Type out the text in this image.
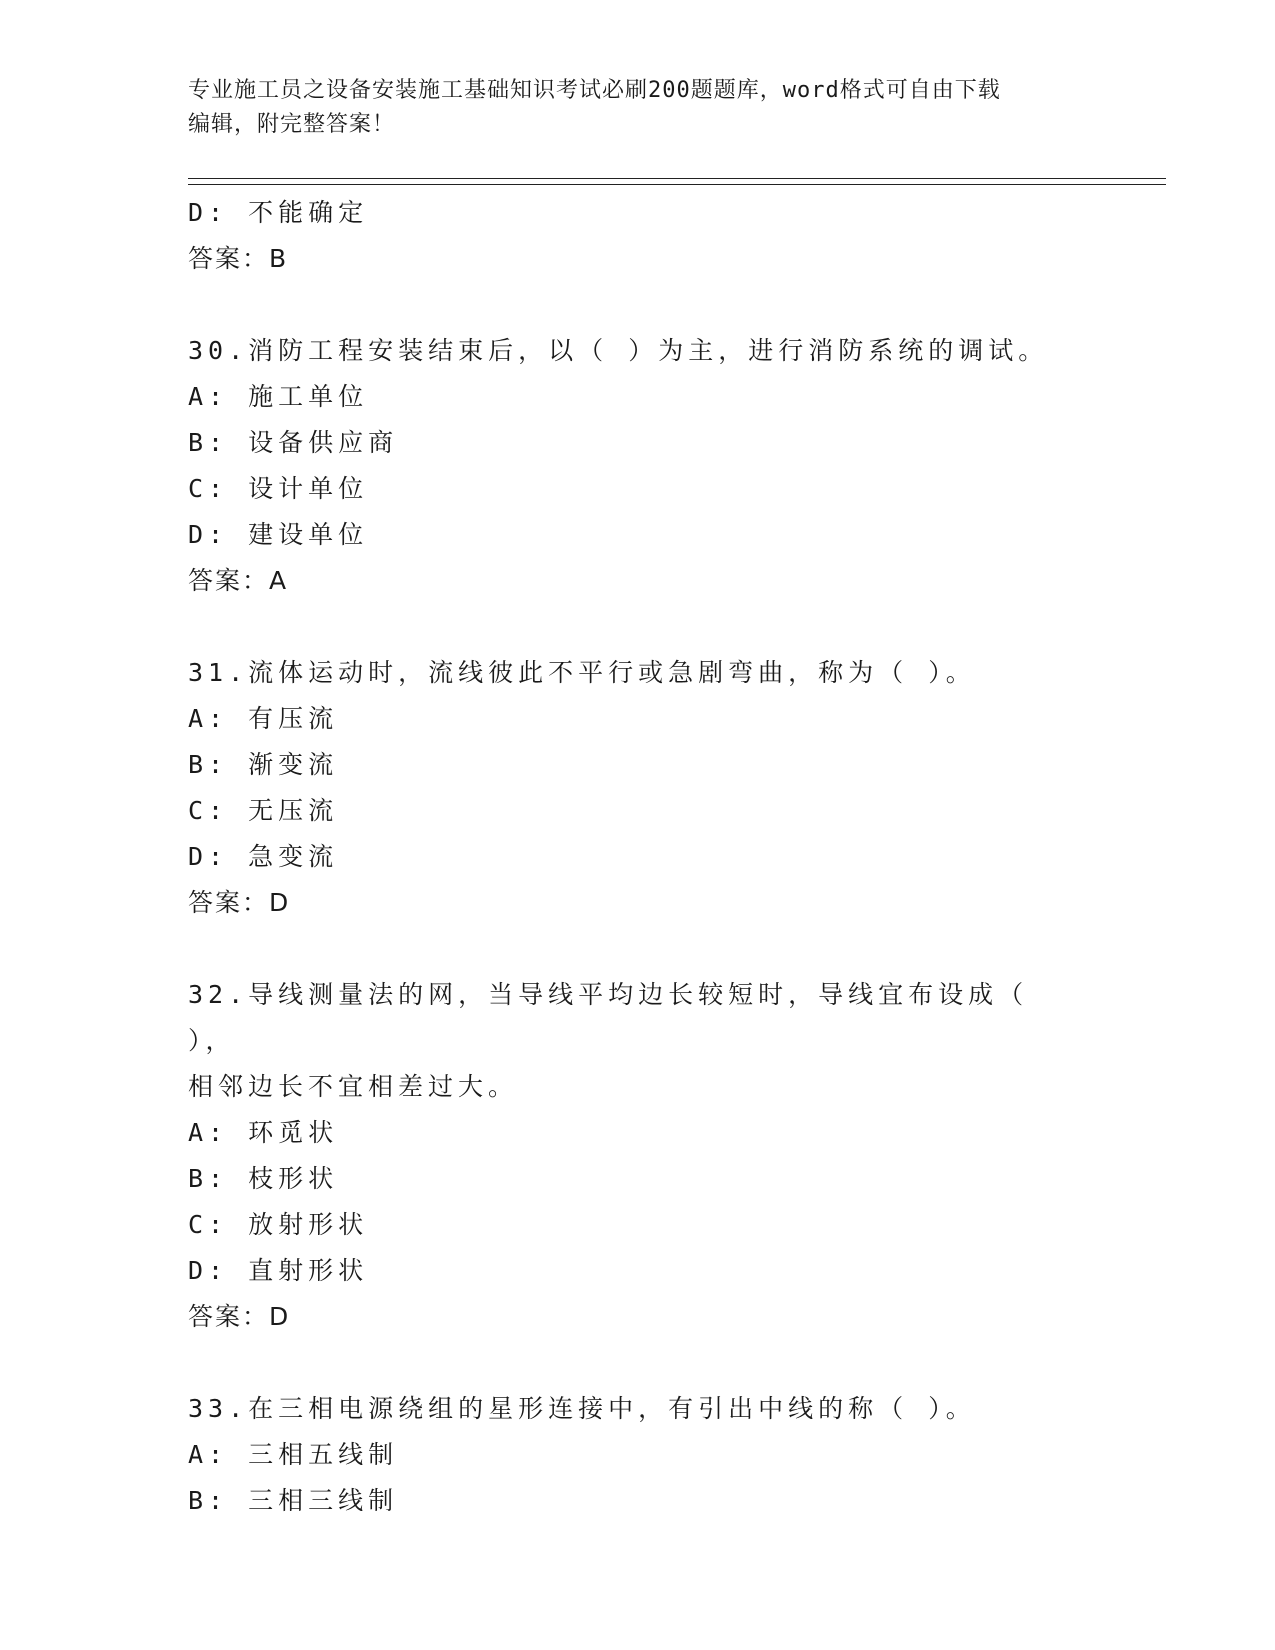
专业施工员之设备安装施工基础知识考试必刷200题题库，word格式可自由下载
编辑，附完整答案！
D: 不能确定
答案：B
30.消防工程安装结束后，以（ ）为主，进行消防系统的调试。
A: 施工单位
B: 设备供应商
C: 设计单位
D: 建设单位
答案：A
31.流体运动时，流线彼此不平行或急剧弯曲，称为（ ）。
A: 有压流
B: 渐变流
C: 无压流
D: 急变流
答案：D
32.导线测量法的网，当导线平均边长较短时，导线宜布设成（ ），
相邻边长不宜相差过大。
A: 环觅状
B: 枝形状
C: 放射形状
D: 直射形状
答案：D
33.在三相电源绕组的星形连接中，有引出中线的称（ ）。
A: 三相五线制
B: 三相三线制
